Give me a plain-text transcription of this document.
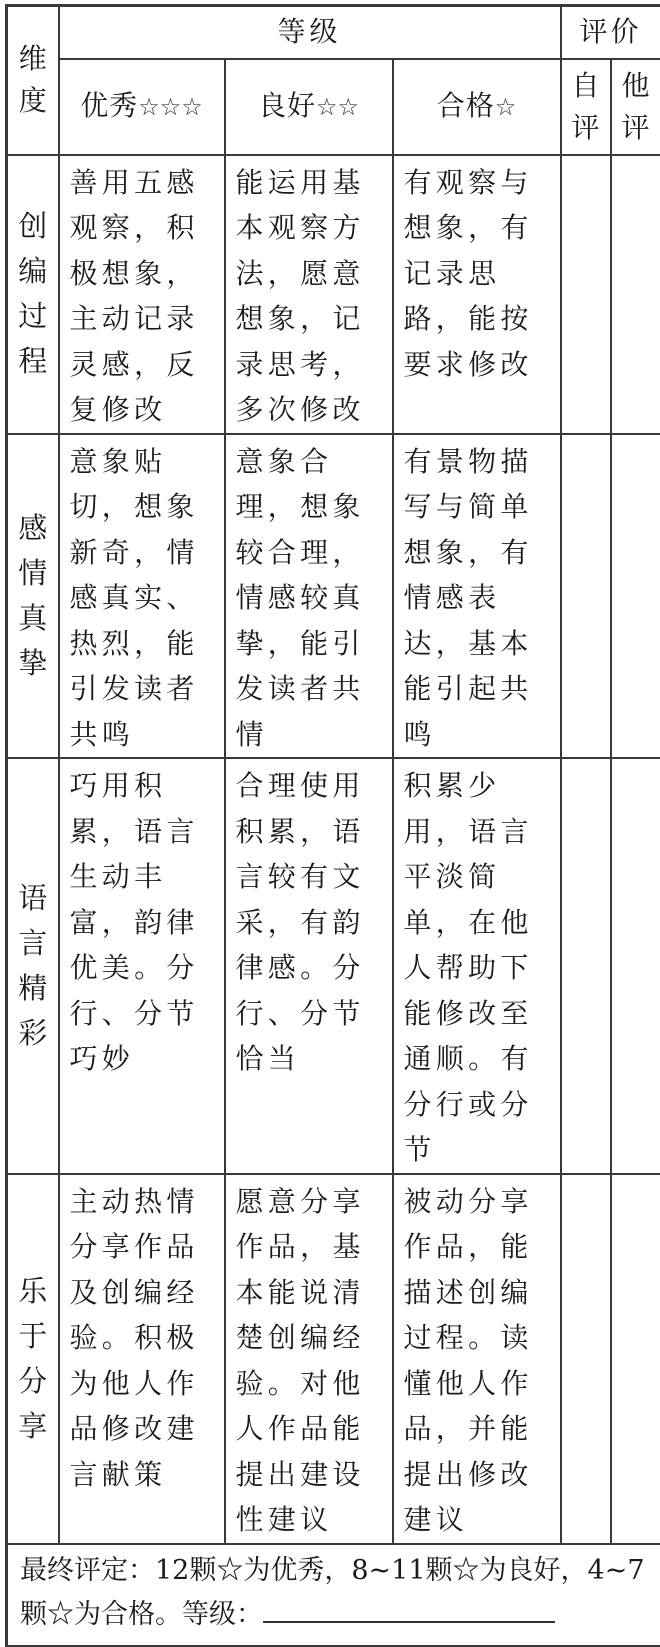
维度	等级			评价	
	优秀☆☆☆	良好☆☆	合格☆	自评	他评
创编过程	善用五感观察，积极想象，主动记录灵感，反复修改	能运用基本观察方法，愿意想象，记录思考，多次修改	有观察与想象，有记录思路，能按要求修改		
感情真挚	意象贴切，想象新奇，情感真实、热烈，能引发读者共鸣	意象合理，想象较合理，情感较真挚，能引发读者共情	有景物描写与简单想象，有情感表达，基本能引起共鸣		
语言精彩	巧用积累，语言生动丰富，韵律优美。分行、分节巧妙	合理使用积累，语言较有文采，有韵律感。分行、分节恰当	积累少用，语言平淡简单，在他人帮助下能修改至通顺。有分行或分节		
乐于分享	主动热情分享作品及创编经验。积极为他人作品修改建言献策	愿意分享作品，基本能说清楚创编经验。对他人作品能提出建设性建议	被动分享作品，能描述创编过程。读懂他人作品，并能提出修改建议		
最终评定：12颗☆为优秀，8~11颗☆为良好，4~7颗☆为合格。等级：					
